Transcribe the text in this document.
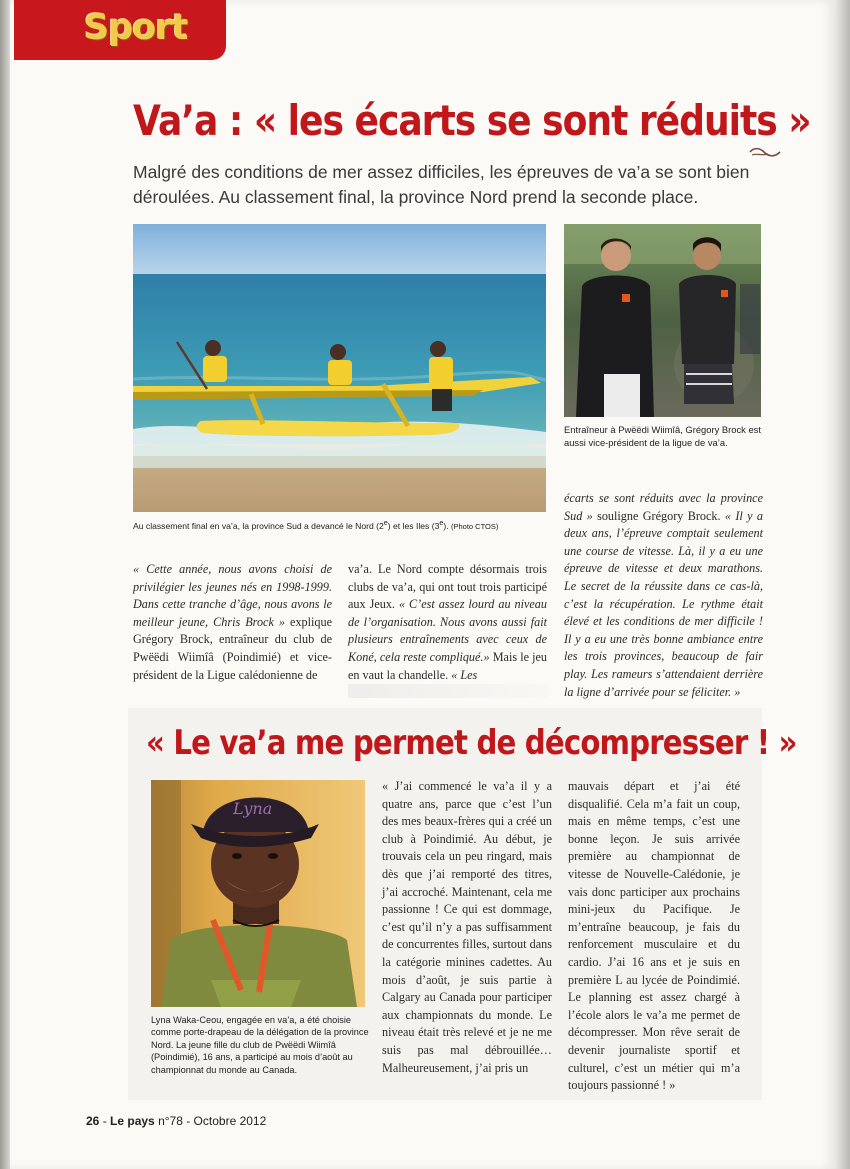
Sport
Va’a : « les écarts se sont réduits »
Malgré des conditions de mer assez difficiles, les épreuves de va’a se sont bien déroulées. Au classement final, la province Nord prend la seconde place.
Au classement final en va’a, la province Sud a devancé le Nord (2e) et les Iles (3e). (Photo CTOS)
Entraîneur à Pwëëdi Wiimîâ, Grégory Brock est aussi vice-président de la ligue de va’a.
« Cette année, nous avons choisi de privilégier les jeunes nés en 1998-1999. Dans cette tranche d’âge, nous avons le meilleur jeune, Chris Brock » explique Grégory Brock, entraîneur du club de Pwëëdi Wiimîâ (Poindimié) et vice-président de la Ligue calédonienne de
va’a. Le Nord compte désormais trois clubs de va’a, qui ont tout trois participé aux Jeux. « C’est assez lourd au niveau de l’organisation. Nous avons aussi fait plusieurs entraînements avec ceux de Koné, cela reste compliqué.» Mais le jeu en vaut la chandelle. « Les
écarts se sont réduits avec la province Sud » souligne Grégory Brock. « Il y a deux ans, l’épreuve comptait seulement une course de vitesse. Là, il y a eu une épreuve de vitesse et deux marathons. Le secret de la réussite dans ce cas-là, c’est la récupération. Le rythme était élevé et les conditions de mer difficile ! Il y a eu une très bonne ambiance entre les trois provinces, beaucoup de fair play. Les rameurs s’attendaient derrière la ligne d’arrivée pour se féliciter. »
« Le va’a me permet de décompresser ! »
Lyna
Lyna Waka-Ceou, engagée en va’a, a été choisie comme porte-drapeau de la délégation de la province Nord. La jeune fille du club de Pwëëdi Wiimîâ (Poindimié), 16 ans, a participé au mois d’août au championnat du monde au Canada.
« J’ai commencé le va’a il y a quatre ans, parce que c’est l’un des mes beaux-frères qui a créé un club à Poindimié. Au début, je trouvais cela un peu ringard, mais dès que j’ai remporté des titres, j’ai accroché. Maintenant, cela me passionne ! Ce qui est dommage, c’est qu’il n’y a pas suffisamment de concurrentes filles, surtout dans la catégorie minines cadettes. Au mois d’août, je suis partie à Calgary au Canada pour participer aux championnats du monde. Le niveau était très relevé et je ne me suis pas mal débrouillée… Malheureusement, j’ai pris un
mauvais départ et j’ai été disqualifié. Cela m’a fait un coup, mais en même temps, c’est une bonne leçon. Je suis arrivée première au championnat de vitesse de Nouvelle-Calédonie, je vais donc participer aux prochains mini-jeux du Pacifique. Je m’entraîne beaucoup, je fais du renforcement musculaire et du cardio. J’ai 16 ans et je suis en première L au lycée de Poindimié. Le planning est assez chargé à l’école alors le va’a me permet de décompresser. Mon rêve serait de devenir journaliste sportif et culturel, c’est un métier qui m’a toujours passionné ! »
26 - Le pays n°78 - Octobre 2012
